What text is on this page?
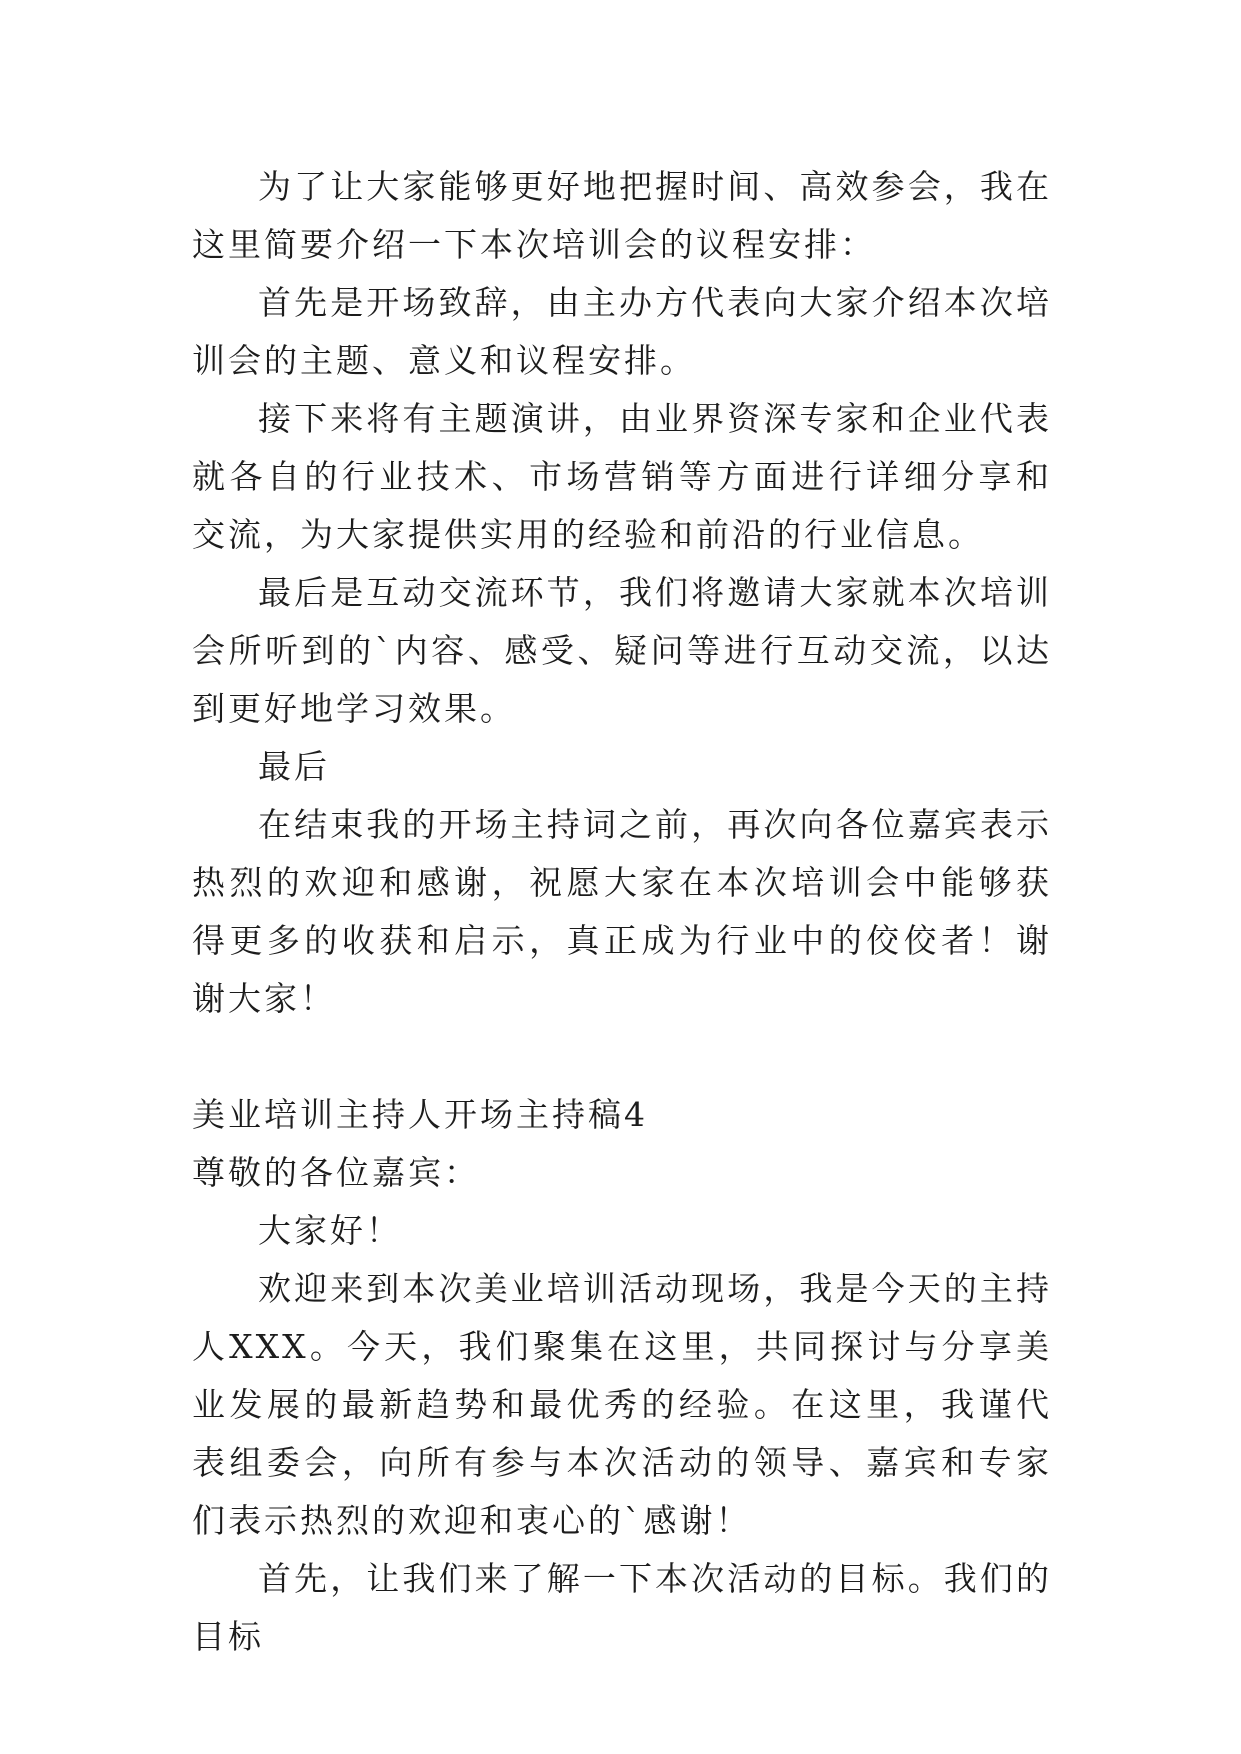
为了让大家能够更好地把握时间、高效参会，我在这里简要介绍一下本次培训会的议程安排：

首先是开场致辞，由主办方代表向大家介绍本次培训会的主题、意义和议程安排。

接下来将有主题演讲，由业界资深专家和企业代表就各自的行业技术、市场营销等方面进行详细分享和交流，为大家提供实用的经验和前沿的行业信息。

最后是互动交流环节，我们将邀请大家就本次培训会所听到的`内容、感受、疑问等进行互动交流，以达到更好地学习效果。

最后

在结束我的开场主持词之前，再次向各位嘉宾表示热烈的欢迎和感谢，祝愿大家在本次培训会中能够获得更多的收获和启示，真正成为行业中的佼佼者！谢谢大家！

美业培训主持人开场主持稿4

尊敬的各位嘉宾：

大家好！

欢迎来到本次美业培训活动现场，我是今天的主持人XXX。今天，我们聚集在这里，共同探讨与分享美业发展的最新趋势和最优秀的经验。在这里，我谨代表组委会，向所有参与本次活动的领导、嘉宾和专家们表示热烈的欢迎和衷心的`感谢！

首先，让我们来了解一下本次活动的目标。我们的目标
